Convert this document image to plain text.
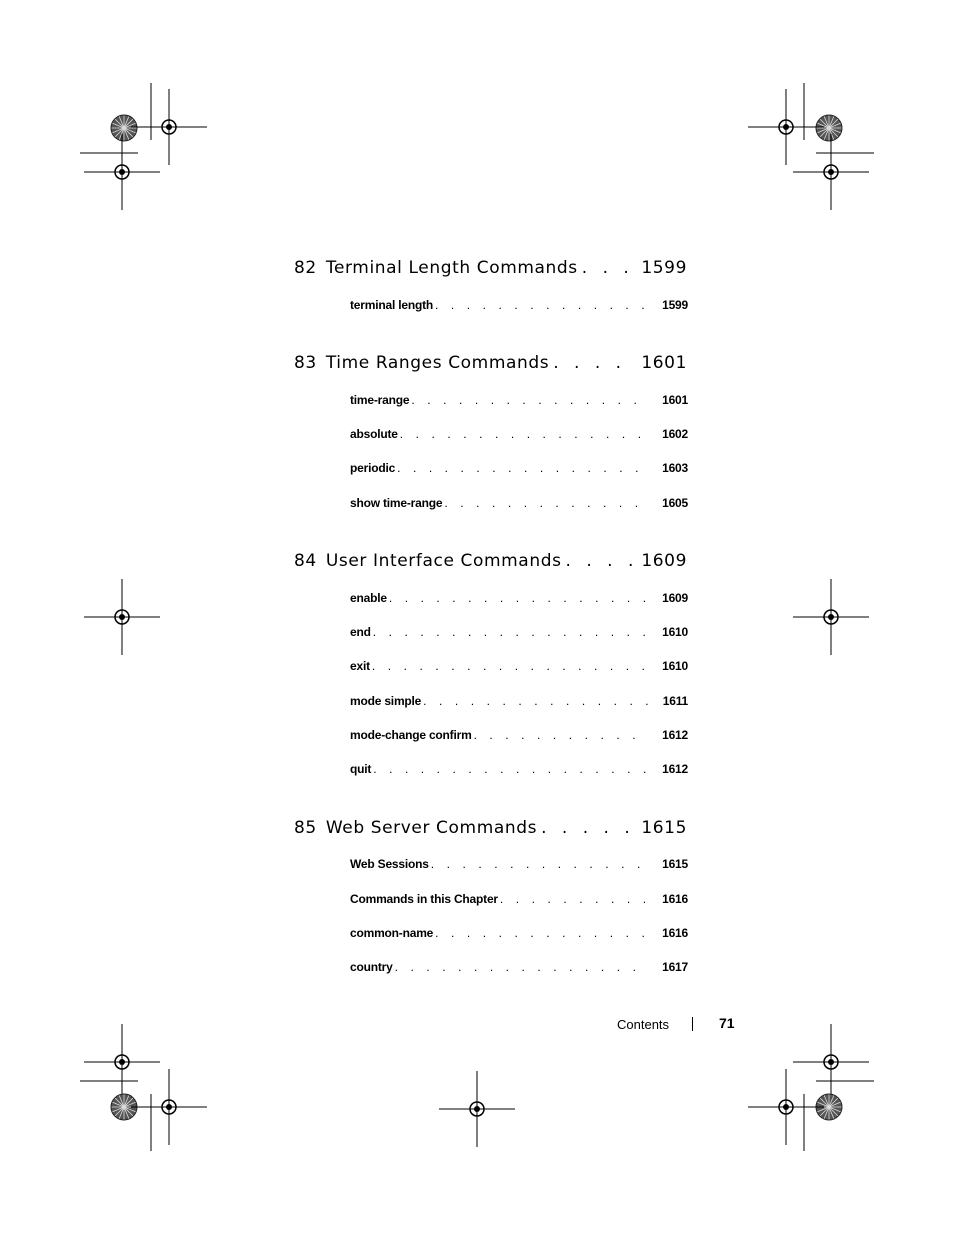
82 Terminal Length Commands . . .	1599
terminal length . . .	1599
83 Time Ranges Commands . . .	1601
time-range . . .	1601
absolute . . .	1602
periodic . . .	1603
show time-range . . .	1605
84 User Interface Commands . . .	1609
enable . . .	1609
end . . .	1610
exit . . .	1610
mode simple . . .	1611
mode-change confirm . . .	1612
quit . . .	1612
85 Web Server Commands . . .	1615
Web Sessions . . .	1615
Commands in this Chapter . . .	1616
common-name . . .	1616
country . . .	1617
Contents	71
